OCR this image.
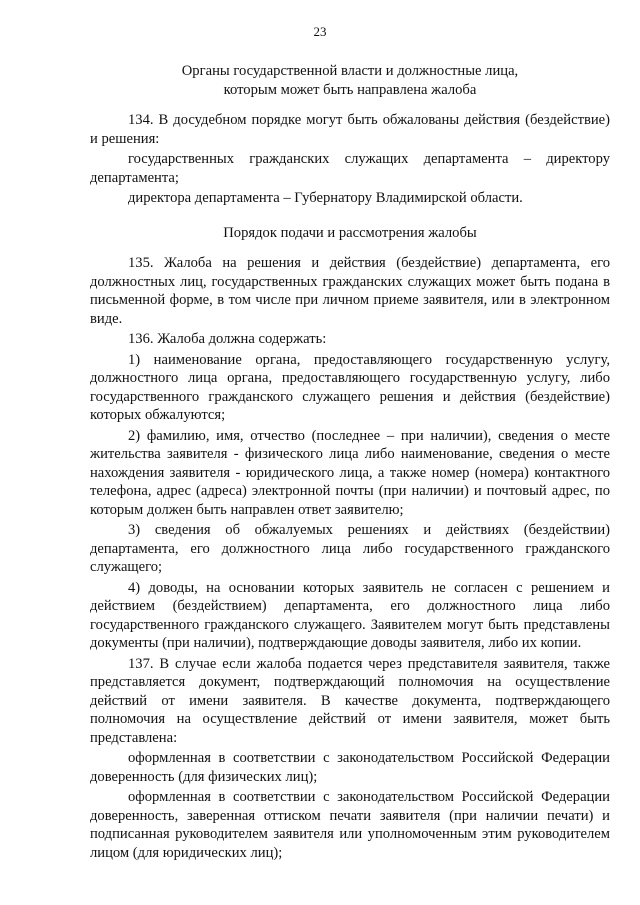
23
Органы государственной власти и должностные лица,
которым может быть направлена жалоба

134. В досудебном порядке могут быть обжалованы действия (бездействие) и решения:

государственных гражданских служащих департамента – директору департамента;

директора департамента – Губернатору Владимирской области.

Порядок подачи и рассмотрения жалобы

135. Жалоба на решения и действия (бездействие) департамента, его должностных лиц, государственных гражданских служащих может быть подана в письменной форме, в том числе при личном приеме заявителя, или в электронном виде.

136. Жалоба должна содержать:

1) наименование органа, предоставляющего государственную услугу, должностного лица органа, предоставляющего государственную услугу, либо государственного гражданского служащего решения и действия (бездействие) которых обжалуются;

2) фамилию, имя, отчество (последнее – при наличии), сведения о месте жительства заявителя - физического лица либо наименование, сведения о месте нахождения заявителя - юридического лица, а также номер (номера) контактного телефона, адрес (адреса) электронной почты (при наличии) и почтовый адрес, по которым должен быть направлен ответ заявителю;

3) сведения об обжалуемых решениях и действиях (бездействии) департамента, его должностного лица либо государственного гражданского служащего;

4) доводы, на основании которых заявитель не согласен с решением и действием (бездействием) департамента, его должностного лица либо государственного гражданского служащего. Заявителем могут быть представлены документы (при наличии), подтверждающие доводы заявителя, либо их копии.

137. В случае если жалоба подается через представителя заявителя, также представляется документ, подтверждающий полномочия на осуществление действий от имени заявителя. В качестве документа, подтверждающего полномочия на осуществление действий от имени заявителя, может быть представлена:

оформленная в соответствии с законодательством Российской Федерации доверенность (для физических лиц);

оформленная в соответствии с законодательством Российской Федерации доверенность, заверенная оттиском печати заявителя (при наличии печати) и подписанная руководителем заявителя или уполномоченным этим руководителем лицом (для юридических лиц);
